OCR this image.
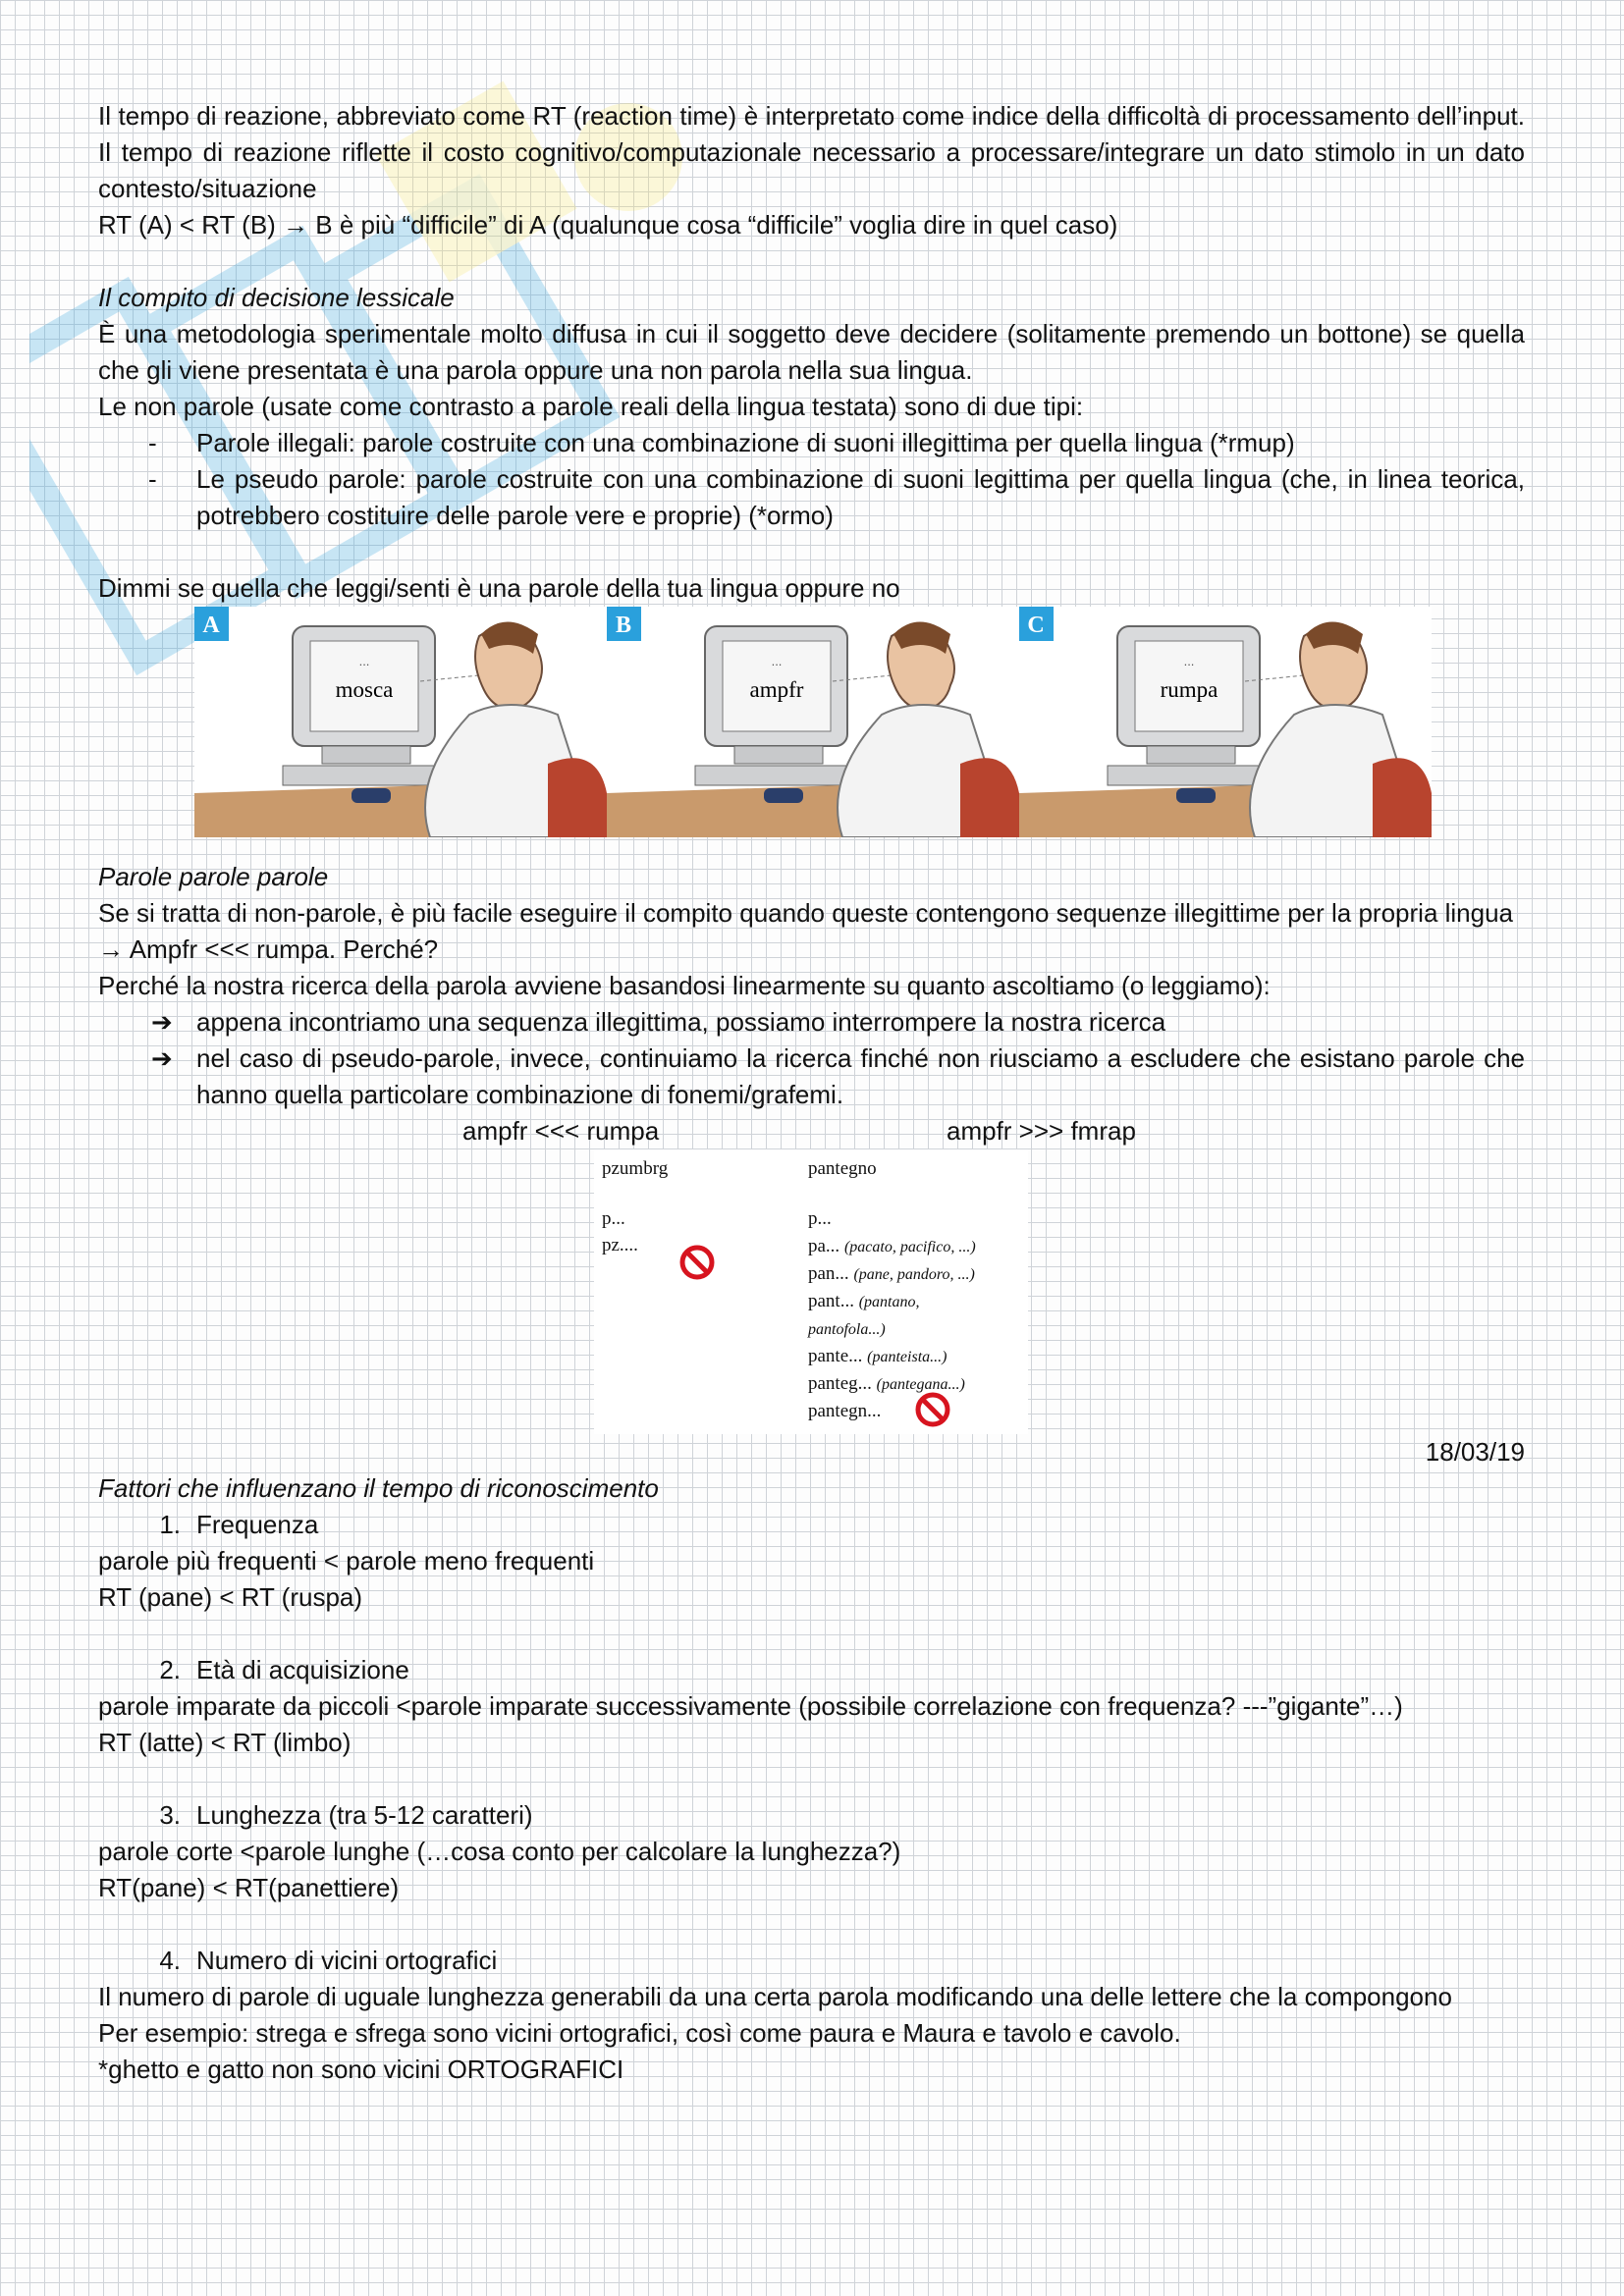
Il tempo di reazione, abbreviato come RT (reaction time) è interpretato come indice della difficoltà di processamento dell’input. Il tempo di reazione riflette il costo cognitivo/computazionale necessario a processare/integrare un dato stimolo in un dato contesto/situazione

RT (A) < RT (B) → B è più “difficile” di A (qualunque cosa “difficile” voglia dire in quel caso)

Il compito di decisione lessicale

È una metodologia sperimentale molto diffusa in cui il soggetto deve decidere (solitamente premendo un bottone) se quella che gli viene presentata è una parola oppure una non parola nella sua lingua.

Le non parole (usate come contrasto a parole reali della lingua testata) sono di due tipi:

- Parole illegali: parole costruite con una combinazione di suoni illegittima per quella lingua (*rmup)
- Le pseudo parole: parole costruite con una combinazione di suoni legittima per quella lingua (che, in linea teorica, potrebbero costituire delle parole vere e proprie) (*ormo)

Dimmi se quella che leggi/senti è una parole della tua lingua oppure no

A
...
mosca
B
...
ampfr
C
...
rumpa

Parole parole parole

Se si tratta di non-parole, è più facile eseguire il compito quando queste contengono sequenze illegittime per la propria lingua → Ampfr <<< rumpa. Perché?

Perché la nostra ricerca della parola avviene basandosi linearmente su quanto ascoltiamo (o leggiamo):

➔ appena incontriamo una sequenza illegittima, possiamo interrompere la nostra ricerca
➔ nel caso di pseudo-parole, invece, continuiamo la ricerca finché non riusciamo a escludere che esistano parole che hanno quella particolare combinazione di fonemi/grafemi.
ampfr <<< rumpa	ampfr >>> fmrap
pzumbrg
p...
pz....
pantegno
p...
pa... (pacato, pacifico, ...)
pan... (pane, pandoro, ...)
pant... (pantano,
pantofola...)
pante... (panteista...)
panteg... (pantegana...)
pantegn...

18/03/19

Fattori che influenzano il tempo di riconoscimento

1. Frequenza

parole più frequenti < parole meno frequenti

RT (pane) < RT (ruspa)

2. Età di acquisizione

parole imparate da piccoli <parole imparate successivamente (possibile correlazione con frequenza? ---”gigante”…)

RT (latte) < RT (limbo)

3. Lunghezza (tra 5-12 caratteri)

parole corte <parole lunghe (…cosa conto per calcolare la lunghezza?)

RT(pane) < RT(panettiere)

4. Numero di vicini ortografici

Il numero di parole di uguale lunghezza generabili da una certa parola modificando una delle lettere che la compongono

Per esempio: strega e sfrega sono vicini ortografici, così come paura e Maura e tavolo e cavolo.

*ghetto e gatto non sono vicini ORTOGRAFICI
